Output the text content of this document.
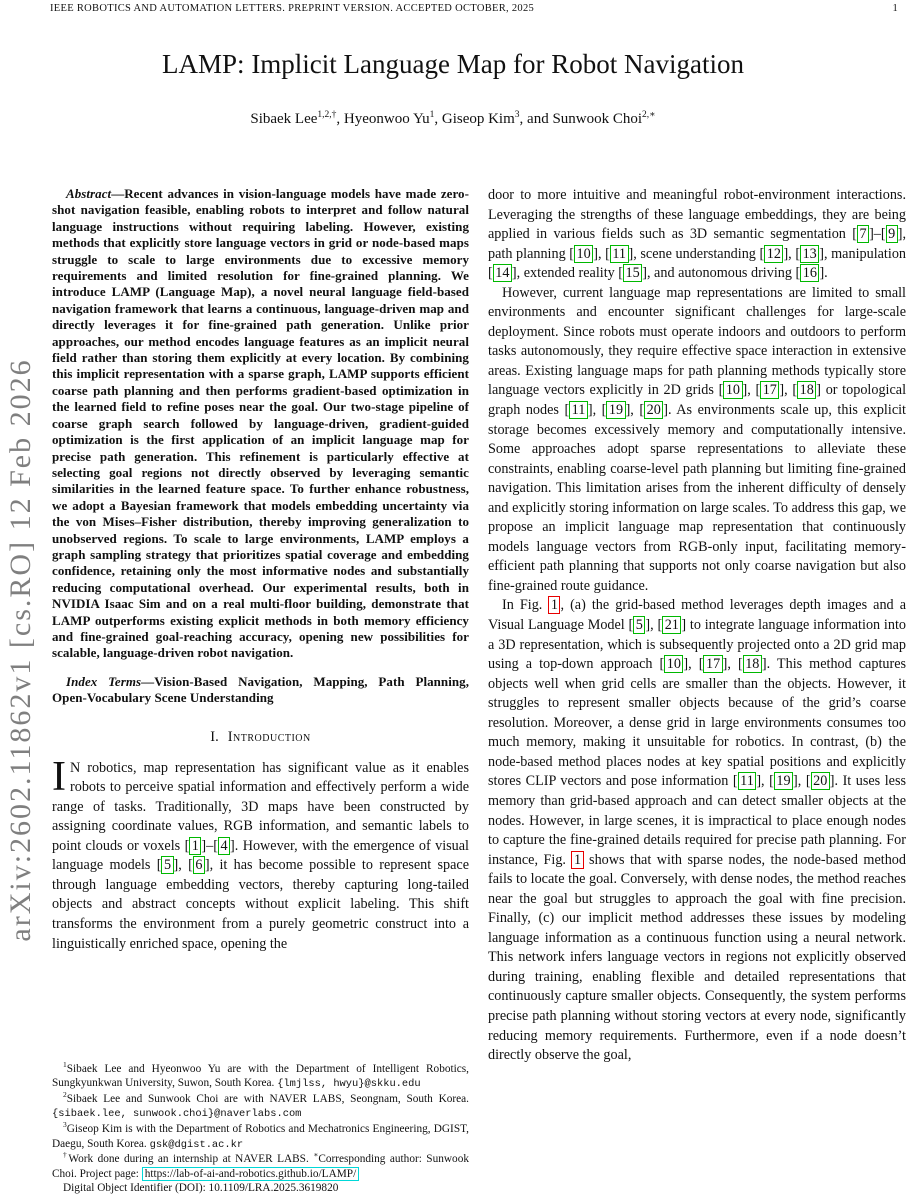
IEEE ROBOTICS AND AUTOMATION LETTERS. PREPRINT VERSION. ACCEPTED OCTOBER, 2025	1
arXiv:2602.11862v1 [cs.RO] 12 Feb 2026
LAMP: Implicit Language Map for Robot Navigation
Sibaek Lee$^{1,2,\dagger}$, Hyeonwoo Yu$^1$, Giseop Kim$^3$, and Sunwook Choi$^{2,∗}$

Abstract—Recent advances in vision-language models have made zero-shot navigation feasible, enabling robots to interpret and follow natural language instructions without requiring labeling. However, existing methods that explicitly store language vectors in grid or node-based maps struggle to scale to large environments due to excessive memory requirements and limited resolution for fine-grained planning. We introduce LAMP (Language Map), a novel neural language field-based navigation framework that learns a continuous, language-driven map and directly leverages it for fine-grained path generation. Unlike prior approaches, our method encodes language features as an implicit neural field rather than storing them explicitly at every location. By combining this implicit representation with a sparse graph, LAMP supports efficient coarse path planning and then performs gradient-based optimization in the learned field to refine poses near the goal. Our two-stage pipeline of coarse graph search followed by language-driven, gradient-guided optimization is the first application of an implicit language map for precise path generation. This refinement is particularly effective at selecting goal regions not directly observed by leveraging semantic similarities in the learned feature space. To further enhance robustness, we adopt a Bayesian framework that models embedding uncertainty via the von Mises–Fisher distribution, thereby improving generalization to unobserved regions. To scale to large environments, LAMP employs a graph sampling strategy that prioritizes spatial coverage and embedding confidence, retaining only the most informative nodes and substantially reducing computational overhead. Our experimental results, both in NVIDIA Isaac Sim and on a real multi-floor building, demonstrate that LAMP outperforms existing explicit methods in both memory efficiency and fine-grained goal-reaching accuracy, opening new possibilities for scalable, language-driven robot navigation.

Index Terms—Vision-Based Navigation, Mapping, Path Planning, Open-Vocabulary Scene Understanding

I. Introduction

I N robotics, map representation has significant value as it enables robots to perceive spatial information and effectively perform a wide range of tasks. Traditionally, 3D maps have been constructed by assigning coordinate values, RGB information, and semantic labels to point clouds or voxels [ 1 ]–[ 4 ]. However, with the emergence of visual language models [ 5 ], [ 6 ], it has become possible to represent space through language embedding vectors, thereby capturing long-tailed objects and abstract concepts without explicit labeling. This shift transforms the environment from a purely geometric construct into a linguistically enriched space, opening the

$^1$Sibaek Lee and Hyeonwoo Yu are with the Department of Intelligent Robotics, Sungkyunkwan University, Suwon, South Korea. {lmjlss, hwyu}@skku.edu

$^2$Sibaek Lee and Sunwook Choi are with NAVER LABS, Seongnam, South Korea. {sibaek.lee, sunwook.choi}@naverlabs.com

$^3$Giseop Kim is with the Department of Robotics and Mechatronics Engineering, DGIST, Daegu, South Korea. gsk@dgist.ac.kr

†Work done during an internship at NAVER LABS. ∗Corresponding author: Sunwook Choi. Project page: https://lab-of-ai-and-robotics.github.io/LAMP/

Digital Object Identifier (DOI): 10.1109/LRA.2025.3619820

door to more intuitive and meaningful robot-environment interactions. Leveraging the strengths of these language embeddings, they are being applied in various fields such as 3D semantic segmentation [ 7 ]–[ 9 ], path planning [ 10 ], [ 11 ], scene understanding [ 12 ], [ 13 ], manipulation [ 14 ], extended reality [ 15 ], and autonomous driving [ 16 ].

However, current language map representations are limited to small environments and encounter significant challenges for large-scale deployment. Since robots must operate indoors and outdoors to perform tasks autonomously, they require effective space interaction in extensive areas. Existing language maps for path planning methods typically store language vectors explicitly in 2D grids [ 10 ], [ 17 ], [ 18 ] or topological graph nodes [ 11 ], [ 19 ], [ 20 ]. As environments scale up, this explicit storage becomes excessively memory and computationally intensive. Some approaches adopt sparse representations to alleviate these constraints, enabling coarse-level path planning but limiting fine-grained navigation. This limitation arises from the inherent difficulty of densely and explicitly storing information on large scales. To address this gap, we propose an implicit language map representation that continuously models language vectors from RGB-only input, facilitating memory-efficient path planning that supports not only coarse navigation but also fine-grained route guidance.

In Fig. 1 , (a) the grid-based method leverages depth images and a Visual Language Model [ 5 ], [ 21 ] to integrate language information into a 3D representation, which is subsequently projected onto a 2D grid map using a top-down approach [ 10 ], [ 17 ], [ 18 ]. This method captures objects well when grid cells are smaller than the objects. However, it struggles to represent smaller objects because of the grid’s coarse resolution. Moreover, a dense grid in large environments consumes too much memory, making it unsuitable for robotics. In contrast, (b) the node-based method places nodes at key spatial positions and explicitly stores CLIP vectors and pose information [ 11 ], [ 19 ], [ 20 ]. It uses less memory than grid-based approach and can detect smaller objects at the nodes. However, in large scenes, it is impractical to place enough nodes to capture the fine-grained details required for precise path planning. For instance, Fig. 1 shows that with sparse nodes, the node-based method fails to locate the goal. Conversely, with dense nodes, the method reaches near the goal but struggles to approach the goal with fine precision. Finally, (c) our implicit method addresses these issues by modeling language information as a continuous function using a neural network. This network infers language vectors in regions not explicitly observed during training, enabling flexible and detailed representations that continuously capture smaller objects. Consequently, the system performs precise path planning without storing vectors at every node, significantly reducing memory requirements. Furthermore, even if a node doesn’t directly observe the goal,
